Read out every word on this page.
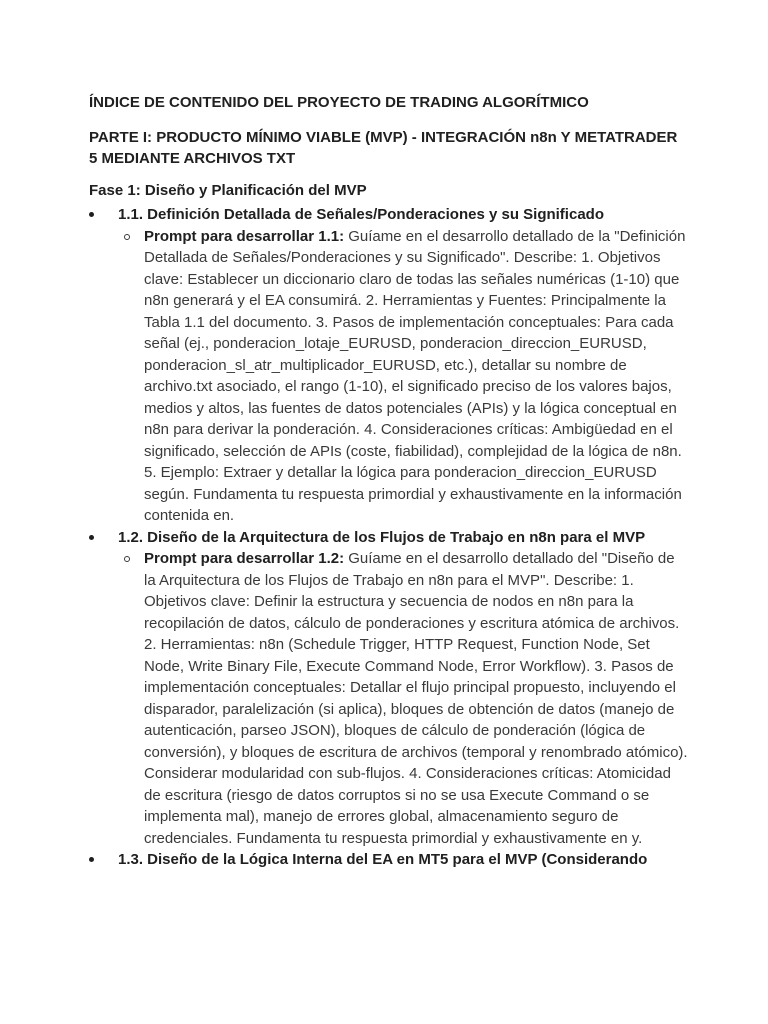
ÍNDICE DE CONTENIDO DEL PROYECTO DE TRADING ALGORÍTMICO

PARTE I: PRODUCTO MÍNIMO VIABLE (MVP) - INTEGRACIÓN n8n Y METATRADER 5 MEDIANTE ARCHIVOS TXT

Fase 1: Diseño y Planificación del MVP

1.1. Definición Detallada de Señales/Ponderaciones y su Significado
Prompt para desarrollar 1.1: Guíame en el desarrollo detallado de la "Definición Detallada de Señales/Ponderaciones y su Significado". Describe: 1. Objetivos clave: Establecer un diccionario claro de todas las señales numéricas (1-10) que n8n generará y el EA consumirá. 2. Herramientas y Fuentes: Principalmente la Tabla 1.1 del documento. 3. Pasos de implementación conceptuales: Para cada señal (ej., ponderacion_lotaje_EURUSD, ponderacion_direccion_EURUSD, ponderacion_sl_atr_multiplicador_EURUSD, etc.), detallar su nombre de archivo.txt asociado, el rango (1-10), el significado preciso de los valores bajos, medios y altos, las fuentes de datos potenciales (APIs) y la lógica conceptual en n8n para derivar la ponderación. 4. Consideraciones críticas: Ambigüedad en el significado, selección de APIs (coste, fiabilidad), complejidad de la lógica de n8n. 5. Ejemplo: Extraer y detallar la lógica para ponderacion_direccion_EURUSD según. Fundamenta tu respuesta primordial y exhaustivamente en la información contenida en.
1.2. Diseño de la Arquitectura de los Flujos de Trabajo en n8n para el MVP
Prompt para desarrollar 1.2: Guíame en el desarrollo detallado del "Diseño de la Arquitectura de los Flujos de Trabajo en n8n para el MVP". Describe: 1. Objetivos clave: Definir la estructura y secuencia de nodos en n8n para la recopilación de datos, cálculo de ponderaciones y escritura atómica de archivos. 2. Herramientas: n8n (Schedule Trigger, HTTP Request, Function Node, Set Node, Write Binary File, Execute Command Node, Error Workflow). 3. Pasos de implementación conceptuales: Detallar el flujo principal propuesto, incluyendo el disparador, paralelización (si aplica), bloques de obtención de datos (manejo de autenticación, parseo JSON), bloques de cálculo de ponderación (lógica de conversión), y bloques de escritura de archivos (temporal y renombrado atómico). Considerar modularidad con sub-flujos. 4. Consideraciones críticas: Atomicidad de escritura (riesgo de datos corruptos si no se usa Execute Command o se implementa mal), manejo de errores global, almacenamiento seguro de credenciales. Fundamenta tu respuesta primordial y exhaustivamente en y.
1.3. Diseño de la Lógica Interna del EA en MT5 para el MVP (Considerando
